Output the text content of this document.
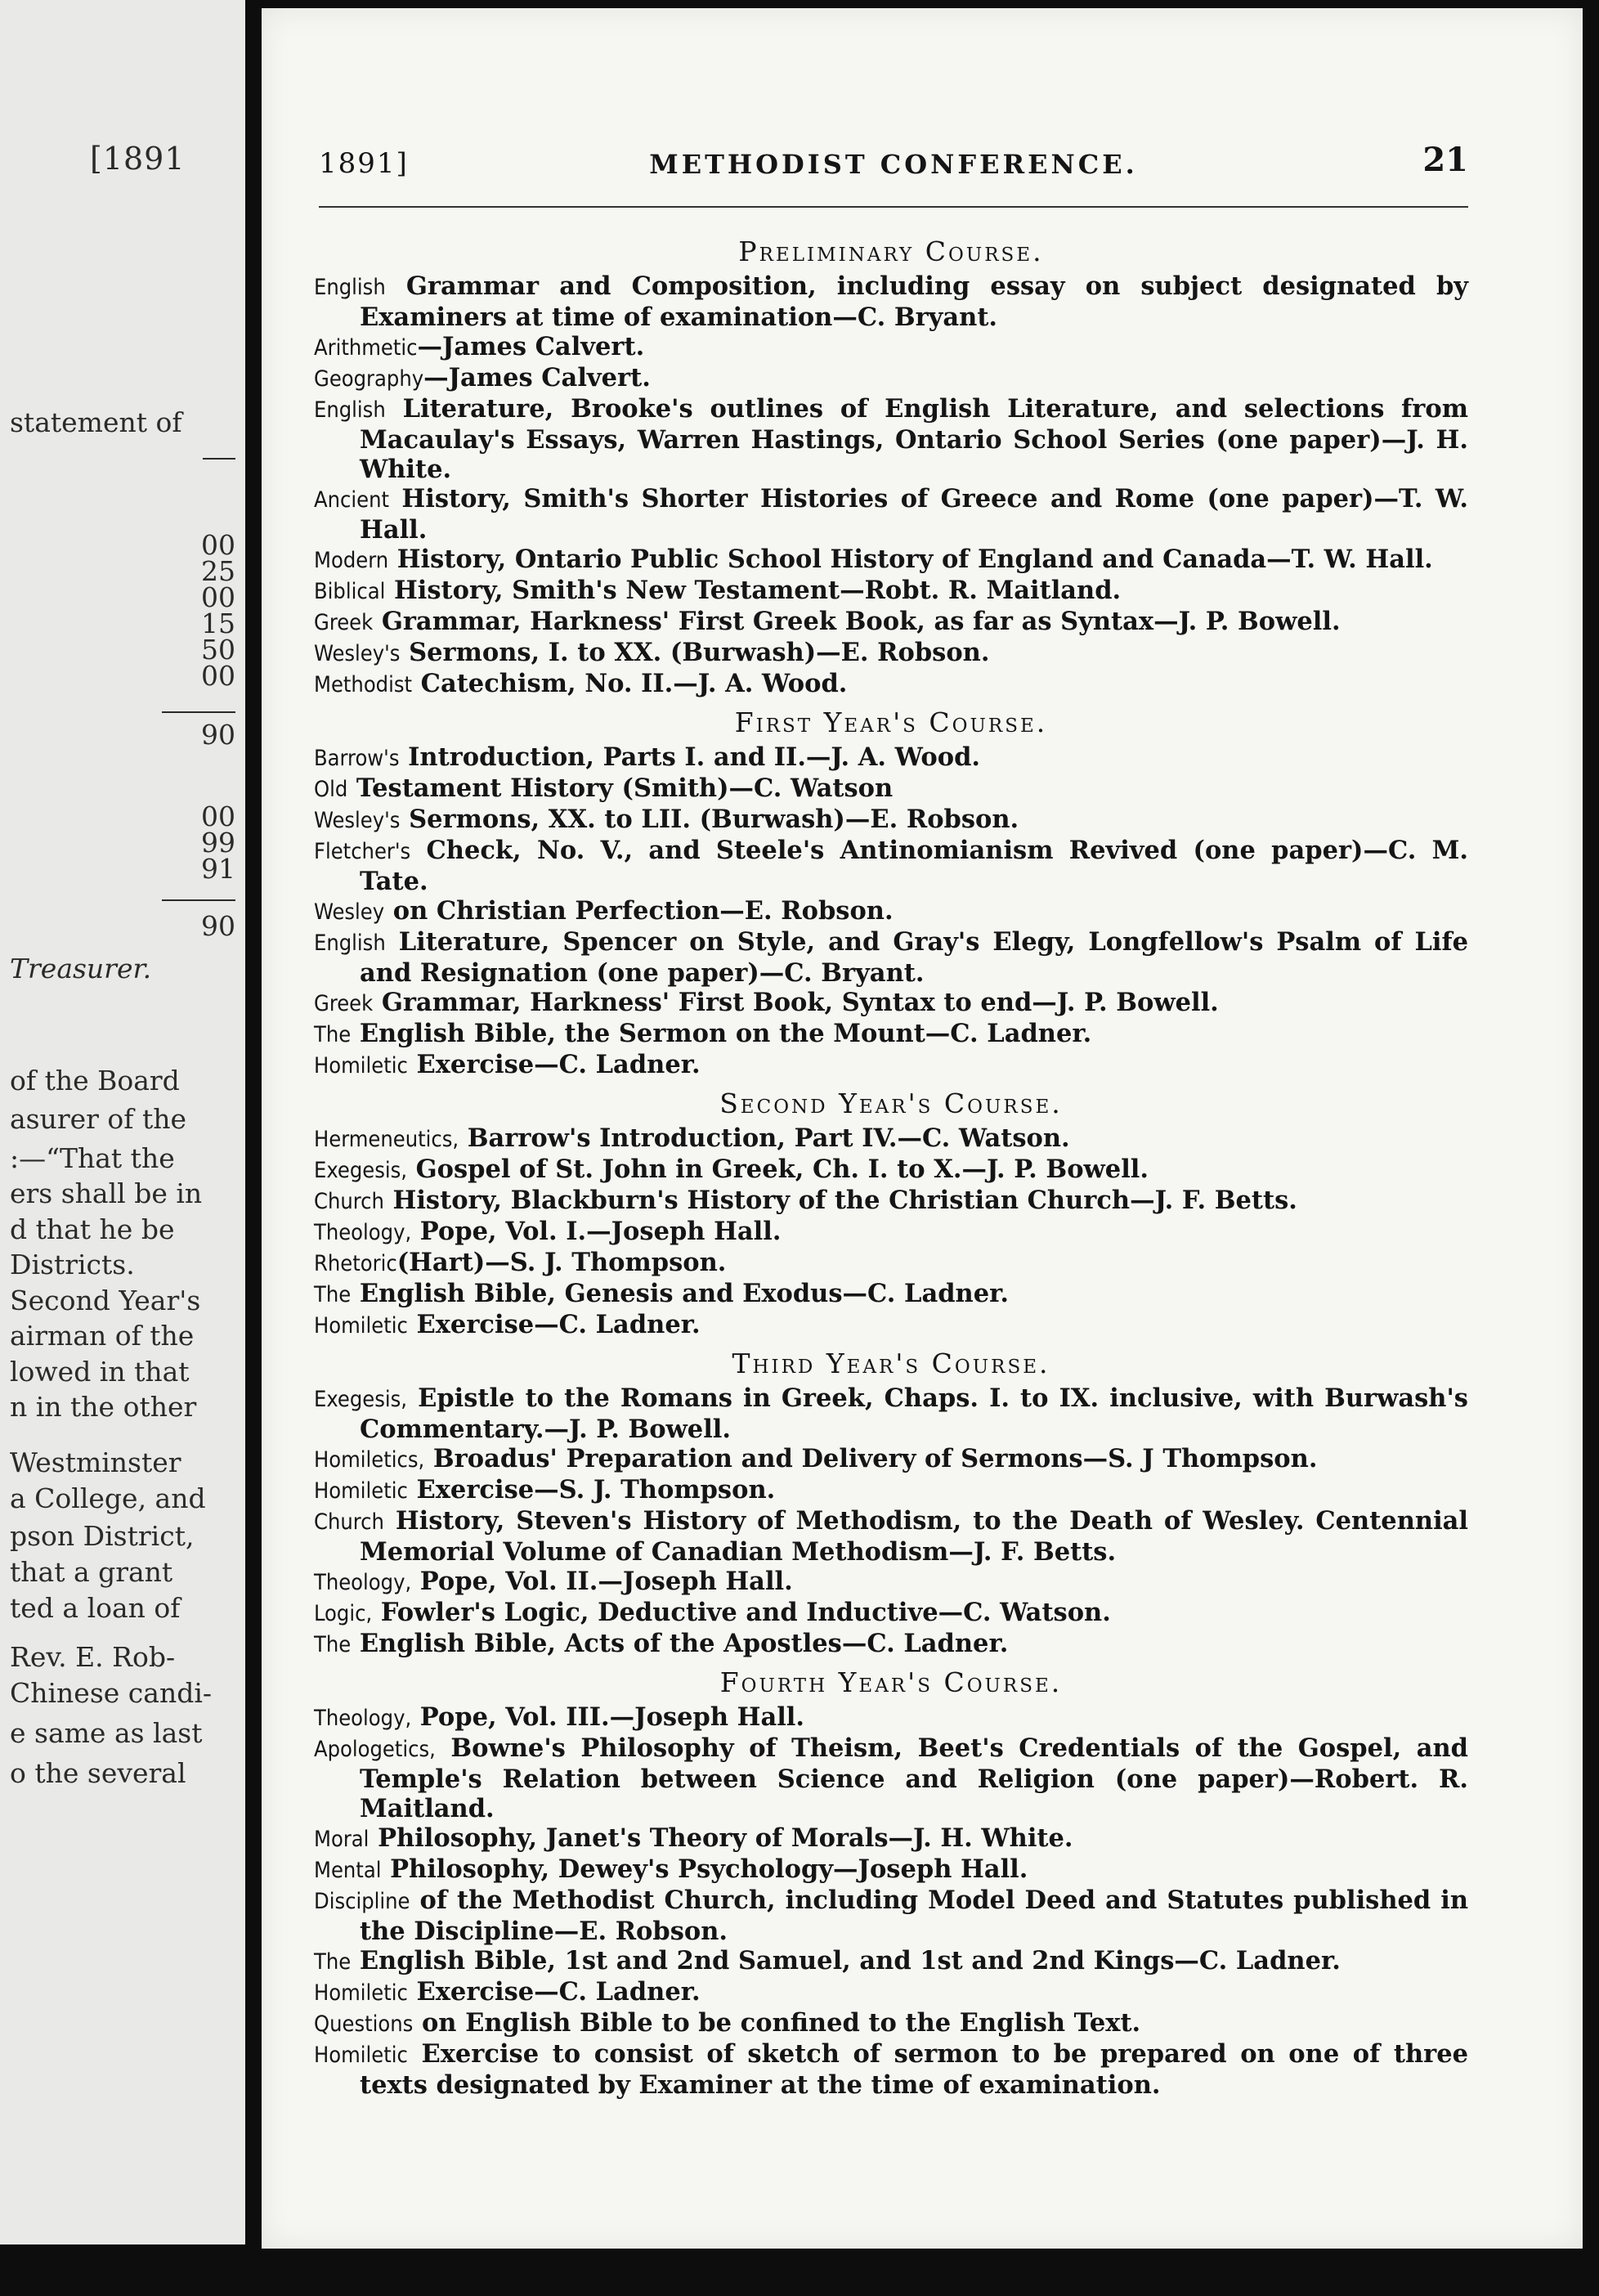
[1891
statement of
00
25
00
15
50
00
90
00
99
91
90
Treasurer.
of the Board
asurer of the
:—“That the
ers shall be in
d that he be
Districts.
Second Year's
airman of the
lowed in that
n in the other
Westminster
a College, and
pson District,
that a grant
ted a loan of
Rev. E. Rob-
Chinese candi-
e same as last
o the several
1891]	METHODIST CONFERENCE.	21
Preliminary Course.
English Grammar and Composition, including essay on subject designated by Examiners at time of examination—C. Bryant.
Arithmetic—James Calvert.
Geography—James Calvert.
English Literature, Brooke's outlines of English Literature, and selections from Macaulay's Essays, Warren Hastings, Ontario School Series (one paper)—J. H. White.
Ancient History, Smith's Shorter Histories of Greece and Rome (one paper)—T. W. Hall.
Modern History, Ontario Public School History of England and Canada—T. W. Hall.
Biblical History, Smith's New Testament—Robt. R. Maitland.
Greek Grammar, Harkness' First Greek Book, as far as Syntax—J. P. Bowell.
Wesley's Sermons, I. to XX. (Burwash)—E. Robson.
Methodist Catechism, No. II.—J. A. Wood.
First Year's Course.
Barrow's Introduction, Parts I. and II.—J. A. Wood.
Old Testament History (Smith)—C. Watson
Wesley's Sermons, XX. to LII. (Burwash)—E. Robson.
Fletcher's Check, No. V., and Steele's Antinomianism Revived (one paper)—C. M. Tate.
Wesley on Christian Perfection—E. Robson.
English Literature, Spencer on Style, and Gray's Elegy, Longfellow's Psalm of Life and Resignation (one paper)—C. Bryant.
Greek Grammar, Harkness' First Book, Syntax to end—J. P. Bowell.
The English Bible, the Sermon on the Mount—C. Ladner.
Homiletic Exercise—C. Ladner.
Second Year's Course.
Hermeneutics, Barrow's Introduction, Part IV.—C. Watson.
Exegesis, Gospel of St. John in Greek, Ch. I. to X.—J. P. Bowell.
Church History, Blackburn's History of the Christian Church—J. F. Betts.
Theology, Pope, Vol. I.—Joseph Hall.
Rhetoric(Hart)—S. J. Thompson.
The English Bible, Genesis and Exodus—C. Ladner.
Homiletic Exercise—C. Ladner.
Third Year's Course.
Exegesis, Epistle to the Romans in Greek, Chaps. I. to IX. inclusive, with Burwash's Commentary.—J. P. Bowell.
Homiletics, Broadus' Preparation and Delivery of Sermons—S. J Thompson.
Homiletic Exercise—S. J. Thompson.
Church History, Steven's History of Methodism, to the Death of Wesley. Centennial Memorial Volume of Canadian Methodism—J. F. Betts.
Theology, Pope, Vol. II.—Joseph Hall.
Logic, Fowler's Logic, Deductive and Inductive—C. Watson.
The English Bible, Acts of the Apostles—C. Ladner.
Fourth Year's Course.
Theology, Pope, Vol. III.—Joseph Hall.
Apologetics, Bowne's Philosophy of Theism, Beet's Credentials of the Gospel, and Temple's Relation between Science and Religion (one paper)—Robert. R. Maitland.
Moral Philosophy, Janet's Theory of Morals—J. H. White.
Mental Philosophy, Dewey's Psychology—Joseph Hall.
Discipline of the Methodist Church, including Model Deed and Statutes published in the Discipline—E. Robson.
The English Bible, 1st and 2nd Samuel, and 1st and 2nd Kings—C. Ladner.
Homiletic Exercise—C. Ladner.
Questions on English Bible to be confined to the English Text.
Homiletic Exercise to consist of sketch of sermon to be prepared on one of three texts designated by Examiner at the time of examination.
